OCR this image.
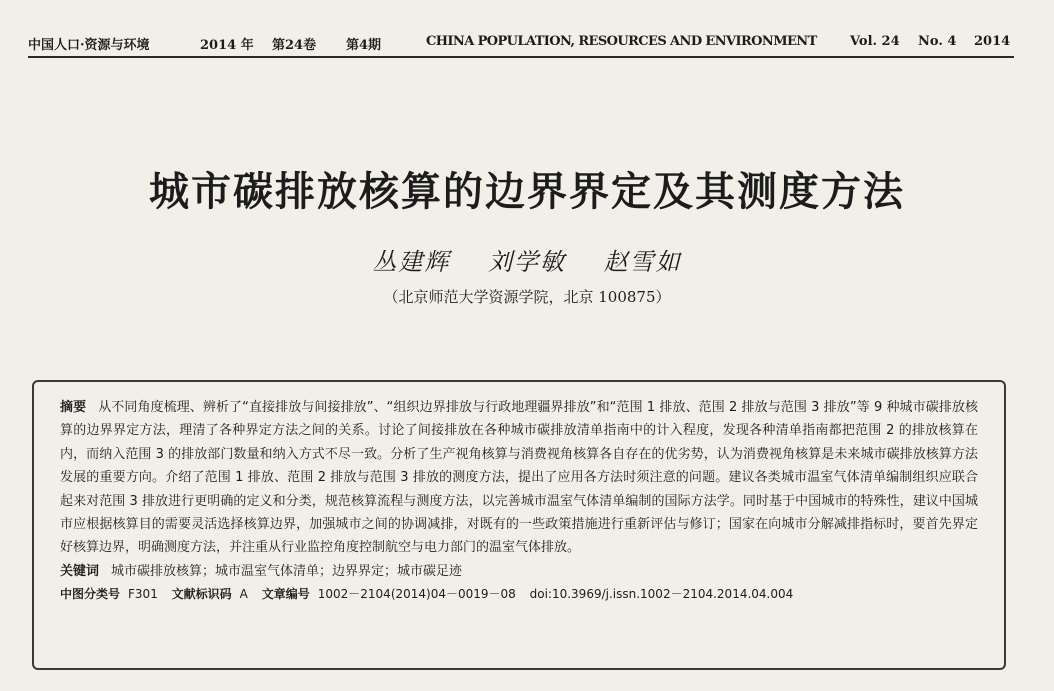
中国人口·资源与环境	2014 年 第24卷 第4期	CHINA POPULATION, RESOURCES AND ENVIRONMENT	Vol. 24 No. 4 2014
城市碳排放核算的边界界定及其测度方法
丛建辉 刘学敏 赵雪如
（北京师范大学资源学院，北京 100875）

摘要 从不同角度梳理、辨析了“直接排放与间接排放”、“组织边界排放与行政地理疆界排放”和“范围 1 排放、范围 2 排放与范围 3 排放”等 9 种城市碳排放核算的边界界定方法，理清了各种界定方法之间的关系。讨论了间接排放在各种城市碳排放清单指南中的计入程度，发现各种清单指南都把范围 2 的排放核算在内，而纳入范围 3 的排放部门数量和纳入方式不尽一致。分析了生产视角核算与消费视角核算各自存在的优劣势，认为消费视角核算是未来城市碳排放核算方法发展的重要方向。介绍了范围 1 排放、范围 2 排放与范围 3 排放的测度方法，提出了应用各方法时须注意的问题。建议各类城市温室气体清单编制组织应联合起来对范围 3 排放进行更明确的定义和分类，规范核算流程与测度方法，以完善城市温室气体清单编制的国际方法学。同时基于中国城市的特殊性，建议中国城市应根据核算目的需要灵活选择核算边界，加强城市之间的协调减排，对既有的一些政策措施进行重新评估与修订；国家在向城市分解减排指标时，要首先界定好核算边界，明确测度方法，并注重从行业监控角度控制航空与电力部门的温室气体排放。

关键词 城市碳排放核算；城市温室气体清单；边界界定；城市碳足迹

中图分类号 F301 文献标识码 A 文章编号 1002－2104(2014)04－0019－08 doi:10.3969/j.issn.1002－2104.2014.04.004
